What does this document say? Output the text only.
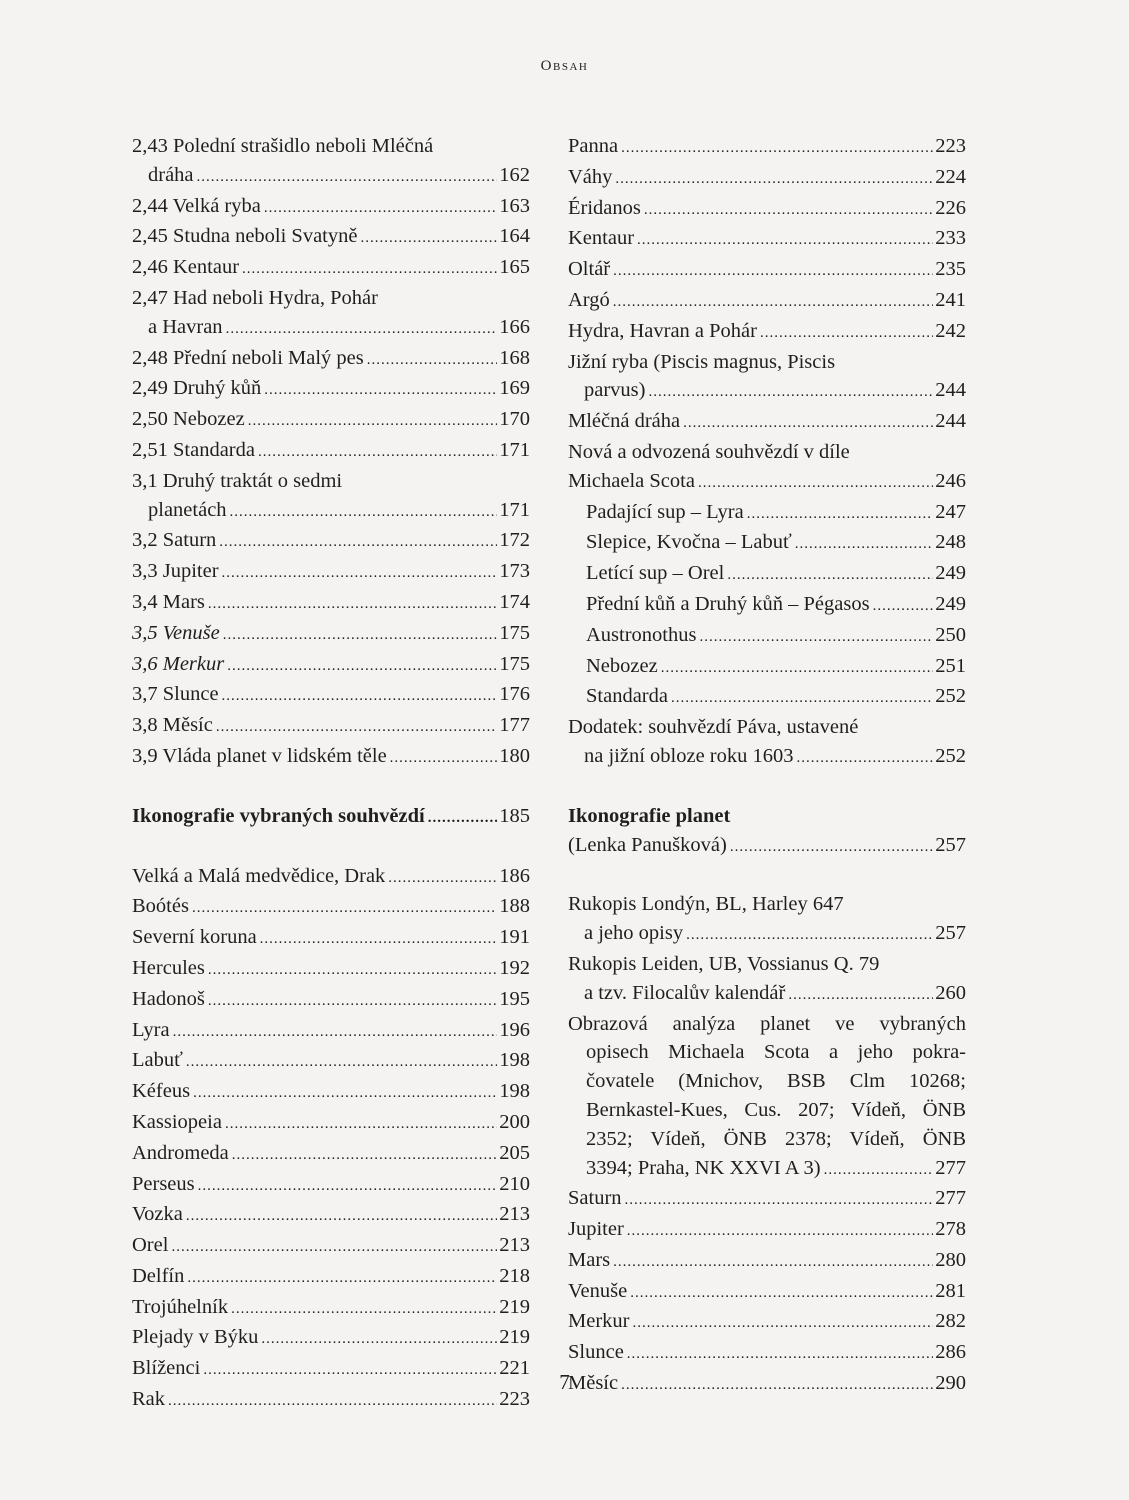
Obsah
2,43 Polední strašidlo neboli Mléčná
dráha .....	162
2,44 Velká ryba .....	163
2,45 Studna neboli Svatyně .....	164
2,46 Kentaur .....	165
2,47 Had neboli Hydra, Pohár
a Havran .....	166
2,48 Přední neboli Malý pes .....	168
2,49 Druhý kůň .....	169
2,50 Nebozez .....	170
2,51 Standarda .....	171
3,1 Druhý traktát o sedmi
planetách .....	171
3,2 Saturn .....	172
3,3 Jupiter .....	173
3,4 Mars .....	174
3,5 Venuše .....	175
3,6 Merkur .....	175
3,7 Slunce .....	176
3,8 Měsíc .....	177
3,9 Vláda planet v lidském těle .....	180
Ikonografie vybraných souhvězdí .....	185
Velká a Malá medvědice, Drak .....	186
Boótés .....	188
Severní koruna .....	191
Hercules .....	192
Hadonoš .....	195
Lyra .....	196
Labuť .....	198
Kéfeus .....	198
Kassiopeia .....	200
Andromeda .....	205
Perseus .....	210
Vozka .....	213
Orel .....	213
Delfín .....	218
Trojúhelník .....	219
Plejady v Býku .....	219
Blíženci .....	221
Rak .....	223
Panna .....	223
Váhy .....	224
Éridanos .....	226
Kentaur .....	233
Oltář .....	235
Argó .....	241
Hydra, Havran a Pohár .....	242
Jižní ryba (Piscis magnus, Piscis
parvus) .....	244
Mléčná dráha .....	244
Nová a odvozená souhvězdí v díle
Michaela Scota .....	246
Padající sup – Lyra .....	247
Slepice, Kvočna – Labuť .....	248
Letící sup – Orel .....	249
Přední kůň a Druhý kůň – Pégasos .....	249
Austronothus .....	250
Nebozez .....	251
Standarda .....	252
Dodatek: souhvězdí Páva, ustavené
na jižní obloze roku 1603 .....	252
Ikonografie planet
(Lenka Panušková) .....	257
Rukopis Londýn, BL, Harley 647
a jeho opisy .....	257
Rukopis Leiden, UB, Vossianus Q. 79
a tzv. Filocalův kalendář .....	260
Obrazová analýza planet ve vybraných
opisech Michaela Scota a jeho pokra-
čovatele (Mnichov, BSB Clm 10268;
Bernkastel-Kues, Cus. 207; Vídeň, ÖNB
2352; Vídeň, ÖNB 2378; Vídeň, ÖNB
3394; Praha, NK XXVI A 3) .....	277
Saturn .....	277
Jupiter .....	278
Mars .....	280
Venuše .....	281
Merkur .....	282
Slunce .....	286
Měsíc .....	290
7
